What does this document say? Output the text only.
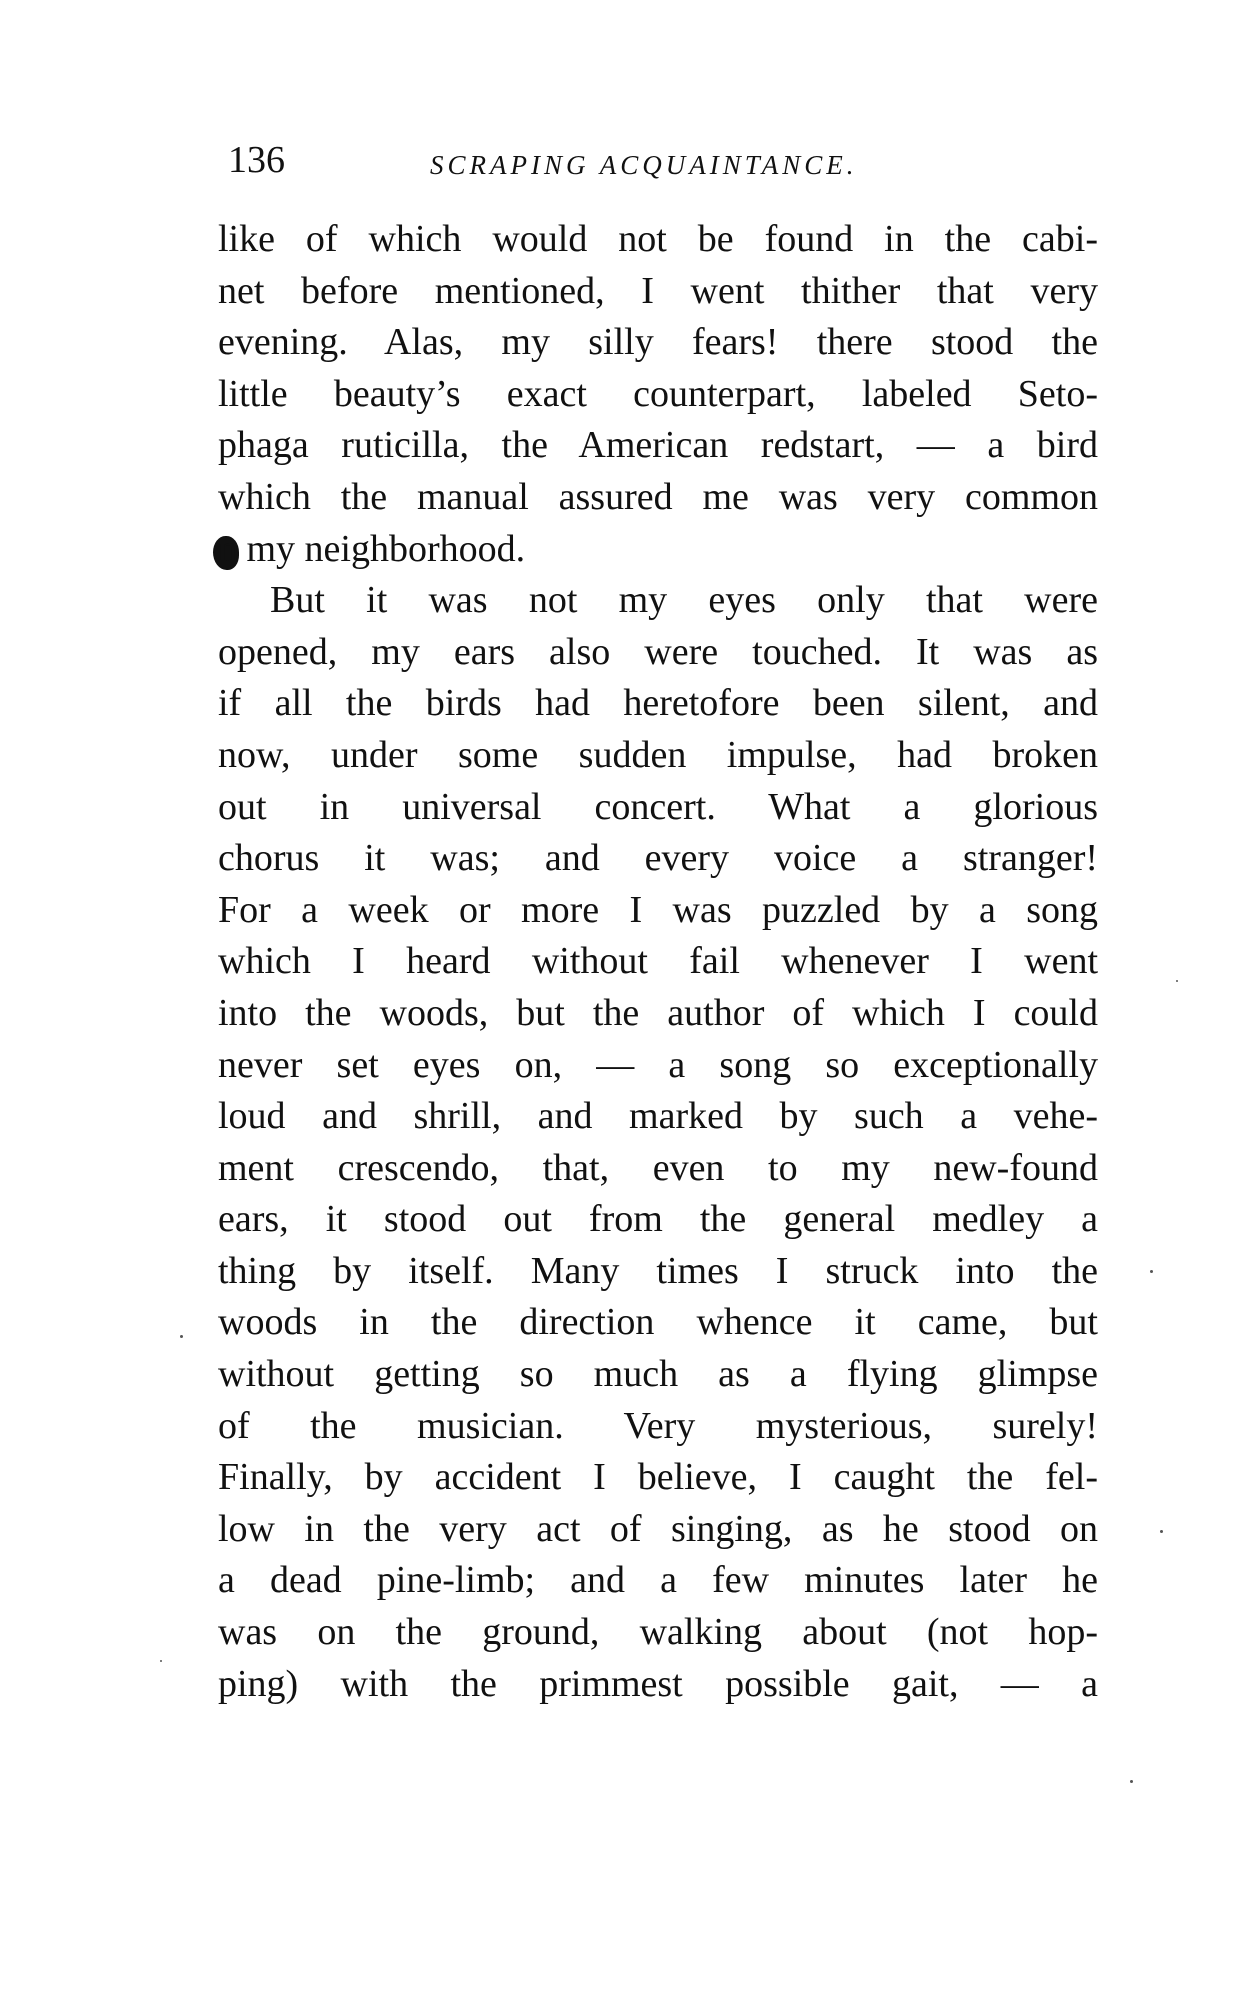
136	SCRAPING ACQUAINTANCE.
like of which would not be found in the cabi-
net before mentioned, I went thither that very
evening. Alas, my silly fears! there stood the
little beauty’s exact counterpart, labeled Seto-
phaga ruticilla, the American redstart, — a bird
which the manual assured me was very common
n my neighborhood.
But it was not my eyes only that were
opened, my ears also were touched. It was as
if all the birds had heretofore been silent, and
now, under some sudden impulse, had broken
out in universal concert. What a glorious
chorus it was; and every voice a stranger!
For a week or more I was puzzled by a song
which I heard without fail whenever I went
into the woods, but the author of which I could
never set eyes on, — a song so exceptionally
loud and shrill, and marked by such a vehe-
ment crescendo, that, even to my new-found
ears, it stood out from the general medley a
thing by itself. Many times I struck into the
woods in the direction whence it came, but
without getting so much as a flying glimpse
of the musician. Very mysterious, surely!
Finally, by accident I believe, I caught the fel-
low in the very act of singing, as he stood on
a dead pine-limb; and a few minutes later he
was on the ground, walking about (not hop-
ping) with the primmest possible gait, — a
